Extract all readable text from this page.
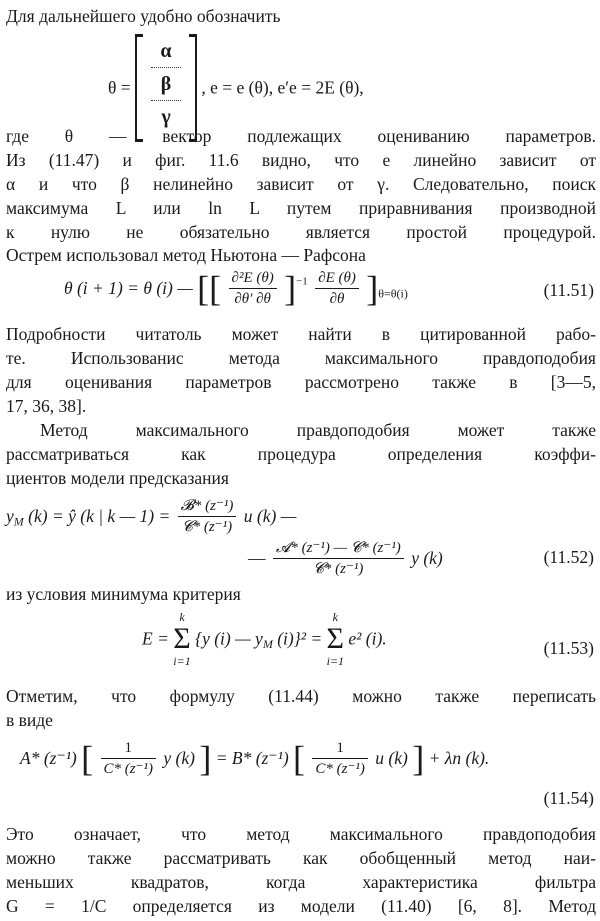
Для дальнейшего удобно обозначить
θ =
α
β
γ
, e = e (θ), e′e = 2E (θ),
где θ — вектор подлежащих оцениванию параметров.
Из (11.47) и фиг. 11.6 видно, что e линейно зависит от
α и что β нелинейно зависит от γ. Следовательно, поиск
максимума L или ln L путем приравнивания производной
к нулю не обязательно является простой процедурой.
Острем использовал метод Ньютона — Рафсона
θ (i + 1) = θ (i) — [[ $\frac{\text{∂²E (θ)}}{\partial\theta' \partial\theta} ]^{-1} \frac{\partial E (\theta)}{\partial\theta} ]_{\theta=\theta(i)}$	(11.51)
Подробности читатоль может найти в цитированной рабо-
те. Использованис метода максимального правдоподобия
для оценивания параметров рассмотрено также в [3—5,
17, 36, 38].
Метод максимального правдоподобия может также
рассматриваться как процедура определения коэффи-
циентов модели предсказания
$y_M$ (k) = ŷ (k | k — $1) = \frac{\text{𝓑* (z⁻¹)}}{\text{𝓒* (z⁻¹)}}$ u (k) —
— $\frac{\text{𝓐* (z⁻¹) — 𝓒* (z⁻¹)}}{\text{𝓒* (z⁻¹)}}$ y (k)	(11.52)
из условия минимума критерия
E =
k
Σ
i=1
{y (i) — $y_M$ (i)}² =
k
Σ
i=1
e² (i).	(11.53)
Отметим, что формулу (11.44) можно также переписать
в виде
A* (z⁻¹) [ $\frac{1}{\text{C* (z⁻¹)}}$ y (k) ] = B* (z⁻¹) [ $\frac{1}{\text{C* (z⁻¹)}}$ u (k) ] + λn (k).
(11.54)
Это означает, что метод максимального правдоподобия
можно также рассматривать как обобщенный метод наи-
меньших квадратов, когда характеристика фильтра
G = 1/C определяется из модели (11.40) [6, 8]. Метод
